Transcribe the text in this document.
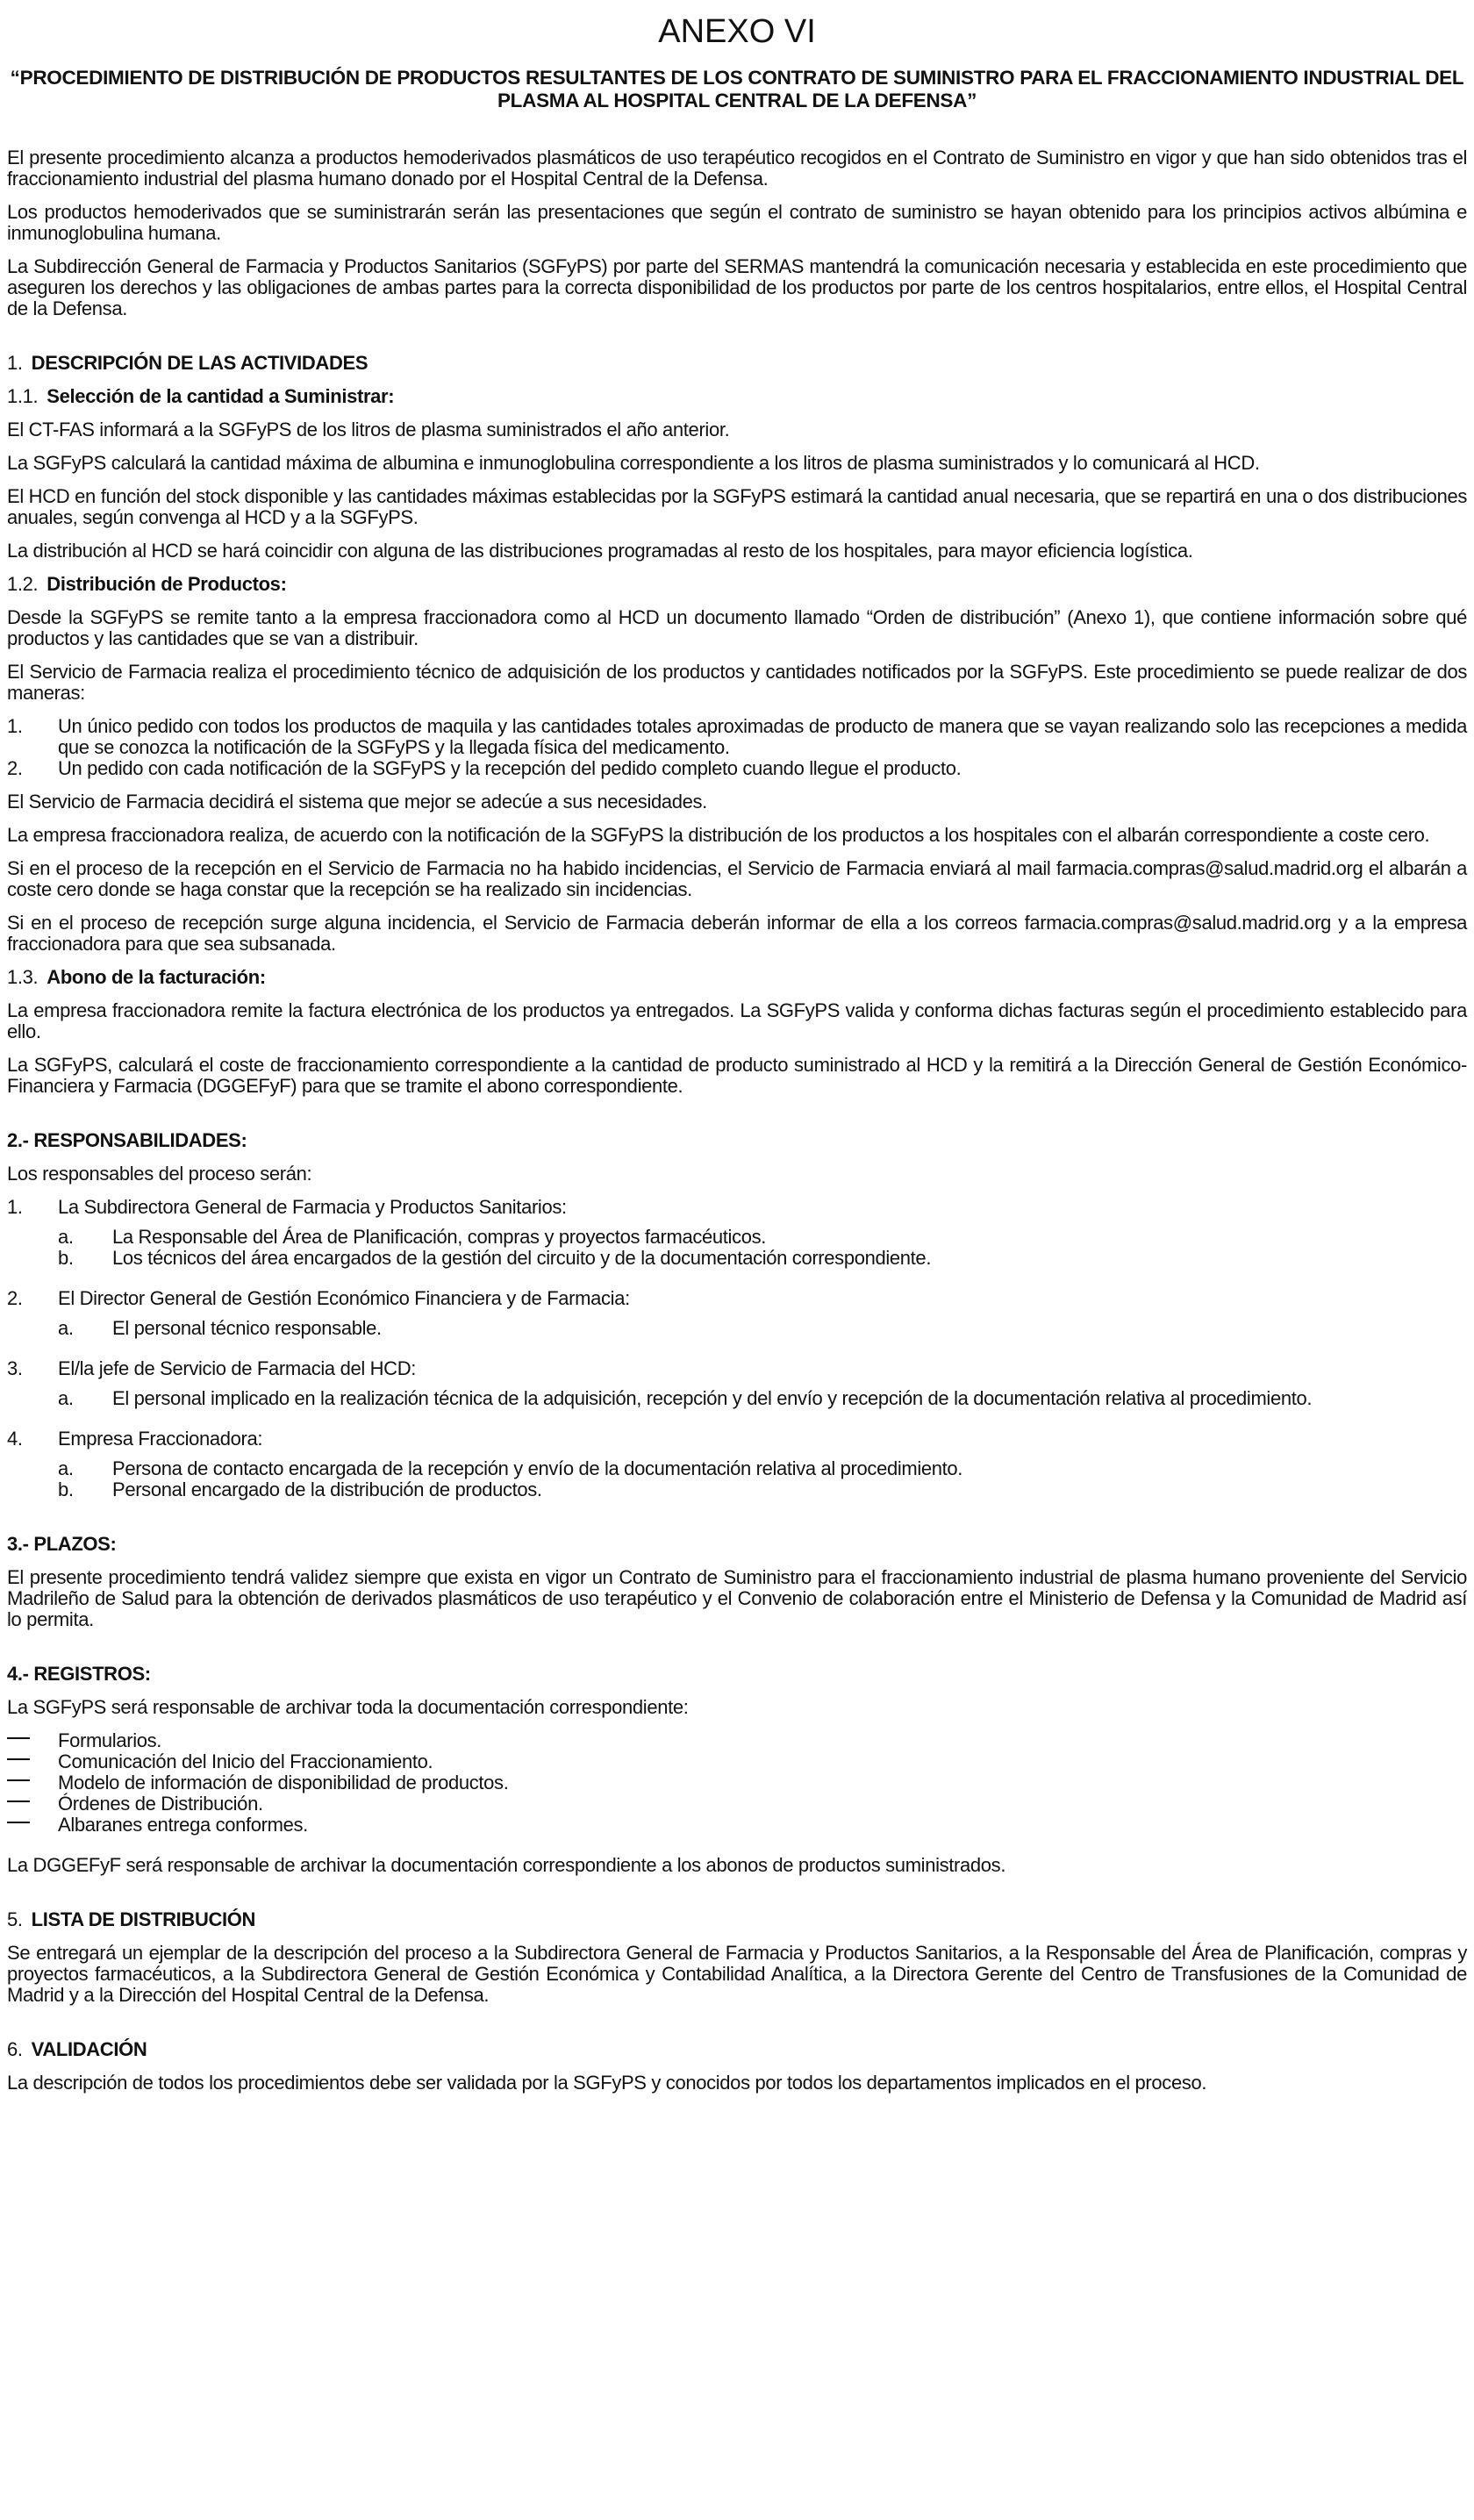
ANEXO VI
“PROCEDIMIENTO DE DISTRIBUCIÓN DE PRODUCTOS RESULTANTES DE LOS CONTRATO DE SUMINISTRO PARA EL FRACCIONAMIENTO INDUSTRIAL DEL PLASMA AL HOSPITAL CENTRAL DE LA DEFENSA”

El presente procedimiento alcanza a productos hemoderivados plasmáticos de uso terapéutico recogidos en el Contrato de Suministro en vigor y que han sido obtenidos tras el fraccionamiento industrial del plasma humano donado por el Hospital Central de la Defensa.

Los productos hemoderivados que se suministrarán serán las presentaciones que según el contrato de suministro se hayan obtenido para los principios activos albúmina e inmunoglobulina humana.

La Subdirección General de Farmacia y Productos Sanitarios (SGFyPS) por parte del SERMAS mantendrá la comunicación necesaria y establecida en este procedimiento que aseguren los derechos y las obligaciones de ambas partes para la correcta disponibilidad de los productos por parte de los centros hospitalarios, entre ellos, el Hospital Central de la Defensa.

1. DESCRIPCIÓN DE LAS ACTIVIDADES
1.1. Selección de la cantidad a Suministrar:

El CT-FAS informará a la SGFyPS de los litros de plasma suministrados el año anterior.

La SGFyPS calculará la cantidad máxima de albumina e inmunoglobulina correspondiente a los litros de plasma suministrados y lo comunicará al HCD.

El HCD en función del stock disponible y las cantidades máximas establecidas por la SGFyPS estimará la cantidad anual necesaria, que se repartirá en una o dos distribuciones anuales, según convenga al HCD y a la SGFyPS.

La distribución al HCD se hará coincidir con alguna de las distribuciones programadas al resto de los hospitales, para mayor eficiencia logística.

1.2. Distribución de Productos:

Desde la SGFyPS se remite tanto a la empresa fraccionadora como al HCD un documento llamado “Orden de distribución” (Anexo 1), que contiene información sobre qué productos y las cantidades que se van a distribuir.

El Servicio de Farmacia realiza el procedimiento técnico de adquisición de los productos y cantidades notificados por la SGFyPS. Este procedimiento se puede realizar de dos maneras:

1.	Un único pedido con todos los productos de maquila y las cantidades totales aproximadas de producto de manera que se vayan realizando solo las recepciones a medida que se conozca la notificación de la SGFyPS y la llegada física del medicamento.
2.	Un pedido con cada notificación de la SGFyPS y la recepción del pedido completo cuando llegue el producto.

El Servicio de Farmacia decidirá el sistema que mejor se adecúe a sus necesidades.

La empresa fraccionadora realiza, de acuerdo con la notificación de la SGFyPS la distribución de los productos a los hospitales con el albarán correspondiente a coste cero.

Si en el proceso de la recepción en el Servicio de Farmacia no ha habido incidencias, el Servicio de Farmacia enviará al mail farmacia.compras@salud.madrid.org el albarán a coste cero donde se haga constar que la recepción se ha realizado sin incidencias.

Si en el proceso de recepción surge alguna incidencia, el Servicio de Farmacia deberán informar de ella a los correos farmacia.compras@salud.madrid.org y a la empresa fraccionadora para que sea subsanada.

1.3. Abono de la facturación:

La empresa fraccionadora remite la factura electrónica de los productos ya entregados. La SGFyPS valida y conforma dichas facturas según el procedimiento establecido para ello.

La SGFyPS, calculará el coste de fraccionamiento correspondiente a la cantidad de producto suministrado al HCD y la remitirá a la Dirección General de Gestión Económico-Financiera y Farmacia (DGGEFyF) para que se tramite el abono correspondiente.

2.- RESPONSABILIDADES:

Los responsables del proceso serán:

1.	La Subdirectora General de Farmacia y Productos Sanitarios:
a.	La Responsable del Área de Planificación, compras y proyectos farmacéuticos.
b.	Los técnicos del área encargados de la gestión del circuito y de la documentación correspondiente.
2.	El Director General de Gestión Económico Financiera y de Farmacia:
a.	El personal técnico responsable.
3.	El/la jefe de Servicio de Farmacia del HCD:
a.	El personal implicado en la realización técnica de la adquisición, recepción y del envío y recepción de la documentación relativa al procedimiento.
4.	Empresa Fraccionadora:
a.	Persona de contacto encargada de la recepción y envío de la documentación relativa al procedimiento.
b.	Personal encargado de la distribución de productos.
3.- PLAZOS:

El presente procedimiento tendrá validez siempre que exista en vigor un Contrato de Suministro para el fraccionamiento industrial de plasma humano proveniente del Servicio Madrileño de Salud para la obtención de derivados plasmáticos de uso terapéutico y el Convenio de colaboración entre el Ministerio de Defensa y la Comunidad de Madrid así lo permita.

4.- REGISTROS:

La SGFyPS será responsable de archivar toda la documentación correspondiente:

Formularios.
Comunicación del Inicio del Fraccionamiento.
Modelo de información de disponibilidad de productos.
Órdenes de Distribución.
Albaranes entrega conformes.

La DGGEFyF será responsable de archivar la documentación correspondiente a los abonos de productos suministrados.

5. LISTA DE DISTRIBUCIÓN

Se entregará un ejemplar de la descripción del proceso a la Subdirectora General de Farmacia y Productos Sanitarios, a la Responsable del Área de Planificación, compras y proyectos farmacéuticos, a la Subdirectora General de Gestión Económica y Contabilidad Analítica, a la Directora Gerente del Centro de Transfusiones de la Comunidad de Madrid y a la Dirección del Hospital Central de la Defensa.

6. VALIDACIÓN

La descripción de todos los procedimientos debe ser validada por la SGFyPS y conocidos por todos los departamentos implicados en el proceso.
